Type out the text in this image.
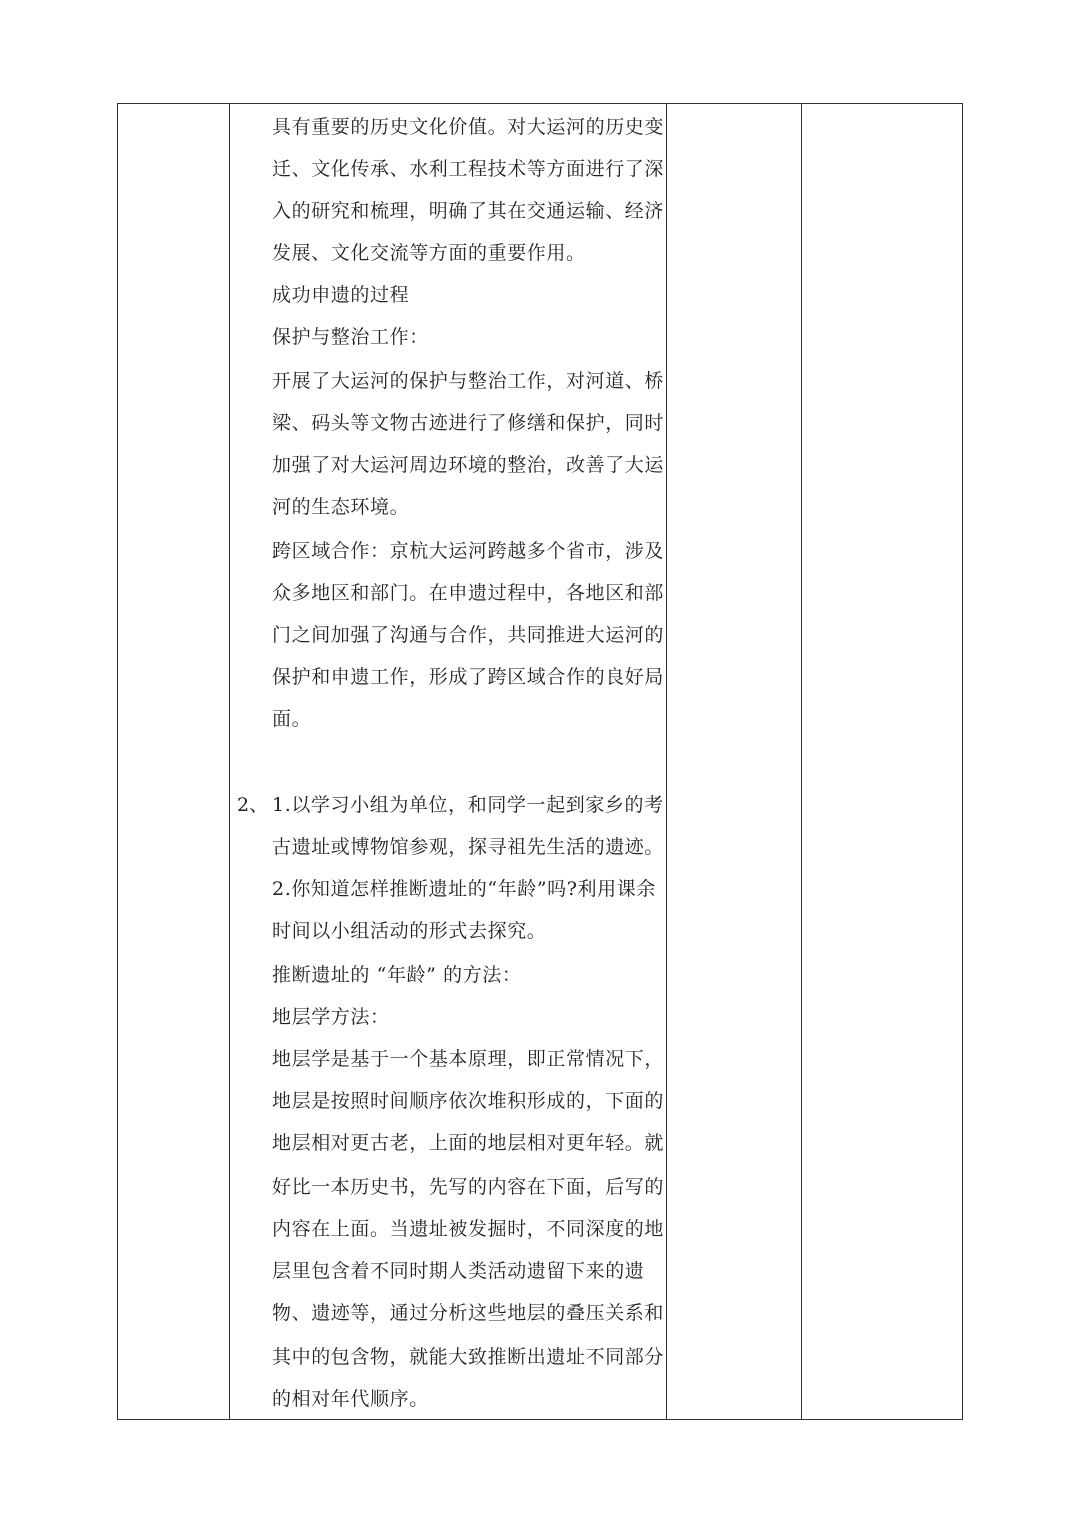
具有重要的历史文化价值。对大运河的历史变
迁、文化传承、水利工程技术等方面进行了深
入的研究和梳理，明确了其在交通运输、经济
发展、文化交流等方面的重要作用。
成功申遗的过程
保护与整治工作：
开展了大运河的保护与整治工作，对河道、桥
梁、码头等文物古迹进行了修缮和保护，同时
加强了对大运河周边环境的整治，改善了大运
河的生态环境。
跨区域合作：京杭大运河跨越多个省市，涉及
众多地区和部门。在申遗过程中，各地区和部
门之间加强了沟通与合作，共同推进大运河的
保护和申遗工作，形成了跨区域合作的良好局
面。
2、 1.以学习小组为单位，和同学一起到家乡的考
古遗址或博物馆参观，探寻祖先生活的遗迹。
2.你知道怎样推断遗址的“年龄”吗?利用课余
时间以小组活动的形式去探究。
推断遗址的 “年龄” 的方法：
地层学方法：
地层学是基于一个基本原理，即正常情况下，
地层是按照时间顺序依次堆积形成的，下面的
地层相对更古老，上面的地层相对更年轻。就
好比一本历史书，先写的内容在下面，后写的
内容在上面。当遗址被发掘时，不同深度的地
层里包含着不同时期人类活动遗留下来的遗
物、遗迹等，通过分析这些地层的叠压关系和
其中的包含物，就能大致推断出遗址不同部分
的相对年代顺序。
